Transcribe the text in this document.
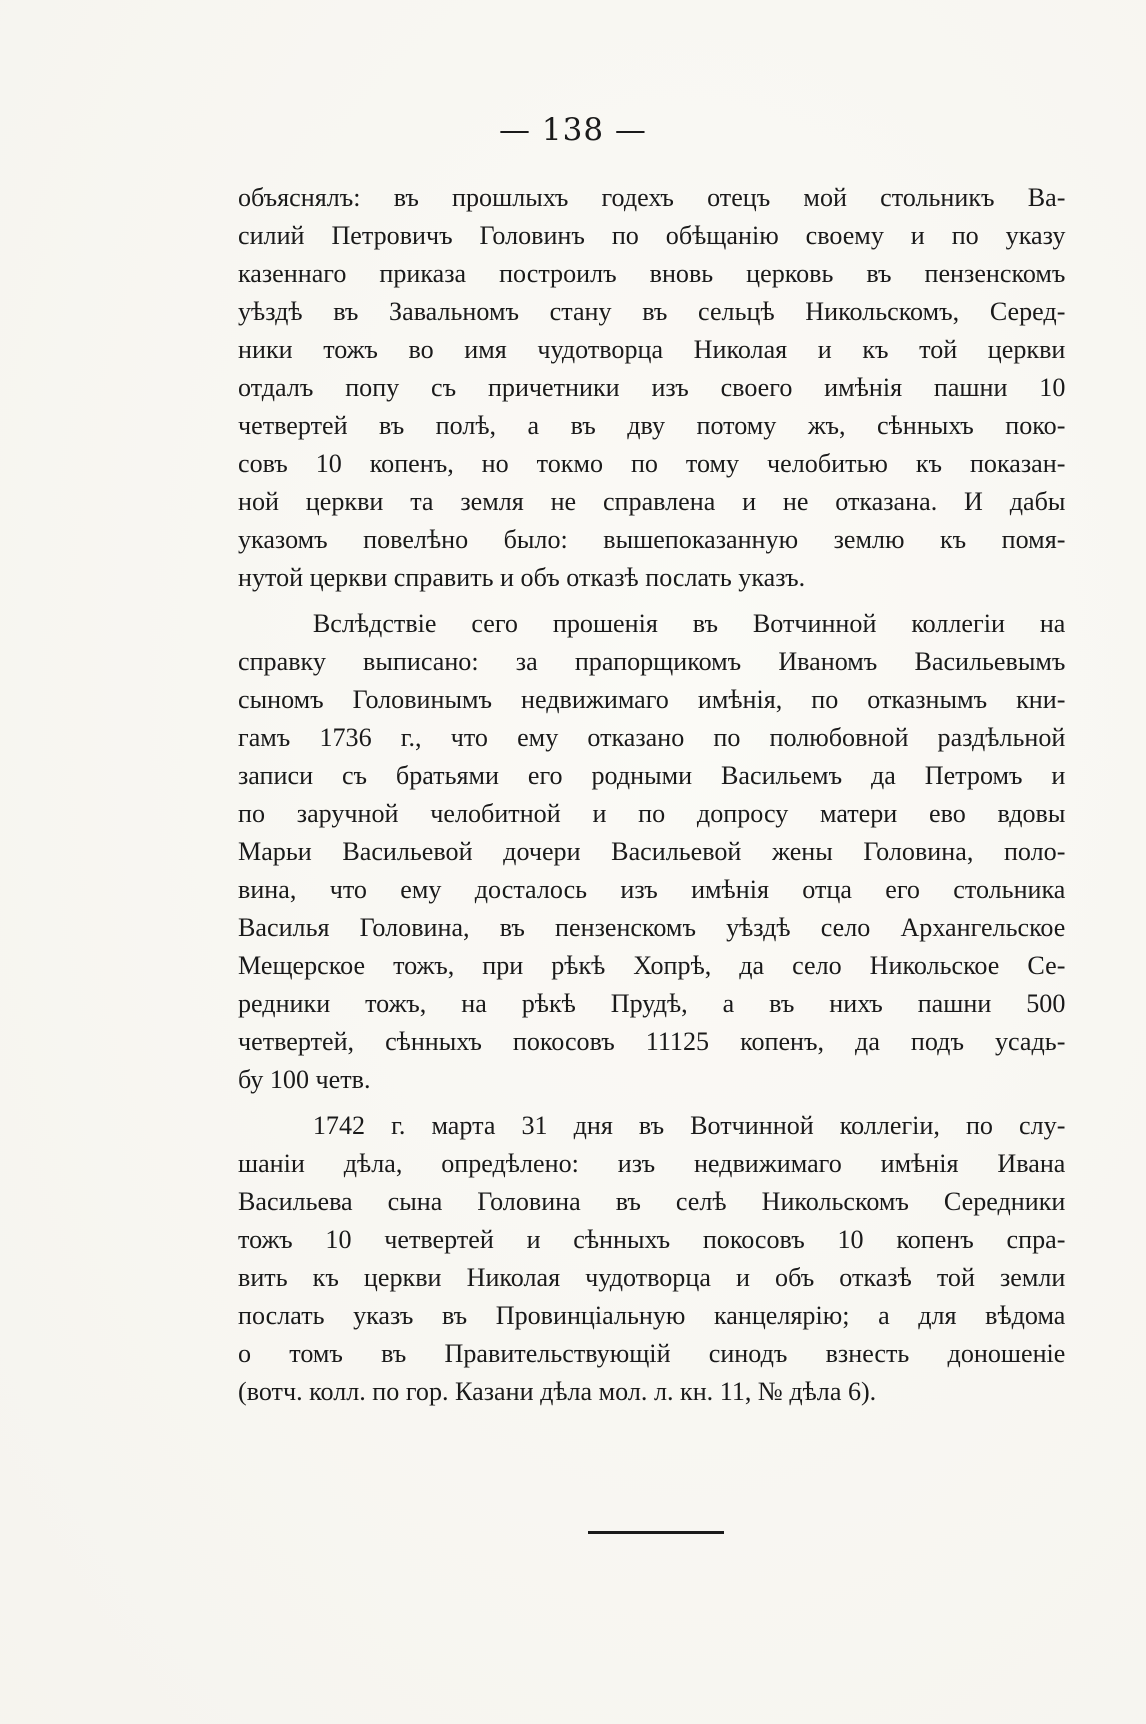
— 138 —
объяснялъ: въ прошлыхъ годехъ отецъ мой стольникъ Ва-
силий Петровичъ Головинъ по обѣщанію своему и по указу
казеннаго приказа построилъ вновь церковь въ пензенскомъ
уѣздѣ въ Завальномъ стану въ сельцѣ Никольскомъ, Серед-
ники тожъ во имя чудотворца Николая и къ той церкви
отдалъ попу съ причетники изъ своего имѣнія пашни 10
четвертей въ полѣ, а въ дву потому жъ, сѣнныхъ поко-
совъ 10 копенъ, но токмо по тому челобитью къ показан-
ной церкви та земля не справлена и не отказана. И дабы
указомъ повелѣно было: вышепоказанную землю къ помя-
нутой церкви справить и объ отказѣ послать указъ.
Вслѣдствіе сего прошенія въ Вотчинной коллегіи на
справку выписано: за прапорщикомъ Иваномъ Васильевымъ
сыномъ Головинымъ недвижимаго имѣнія, по отказнымъ кни-
гамъ 1736 г., что ему отказано по полюбовной раздѣльной
записи съ братьями его родными Васильемъ да Петромъ и
по заручной челобитной и по допросу матери ево вдовы
Марьи Васильевой дочери Васильевой жены Головина, поло-
вина, что ему досталось изъ имѣнія отца его стольника
Василья Головина, въ пензенскомъ уѣздѣ село Архангельское
Мещерское тожъ, при рѣкѣ Хопрѣ, да село Никольское Се-
редники тожъ, на рѣкѣ Прудѣ, а въ нихъ пашни 500
четвертей, сѣнныхъ покосовъ 11125 копенъ, да подъ усадь-
бу 100 четв.
1742 г. марта 31 дня въ Вотчинной коллегіи, по слу-
шаніи дѣла, опредѣлено: изъ недвижимаго имѣнія Ивана
Васильева сына Головина въ селѣ Никольскомъ Середники
тожъ 10 четвертей и сѣнныхъ покосовъ 10 копенъ спра-
вить къ церкви Николая чудотворца и объ отказѣ той земли
послать указъ въ Провинціальную канцелярію; а для вѣдома
о томъ въ Правительствующій синодъ взнесть доношеніе
(вотч. колл. по гор. Казани дѣла мол. л. кн. 11, № дѣла 6).
